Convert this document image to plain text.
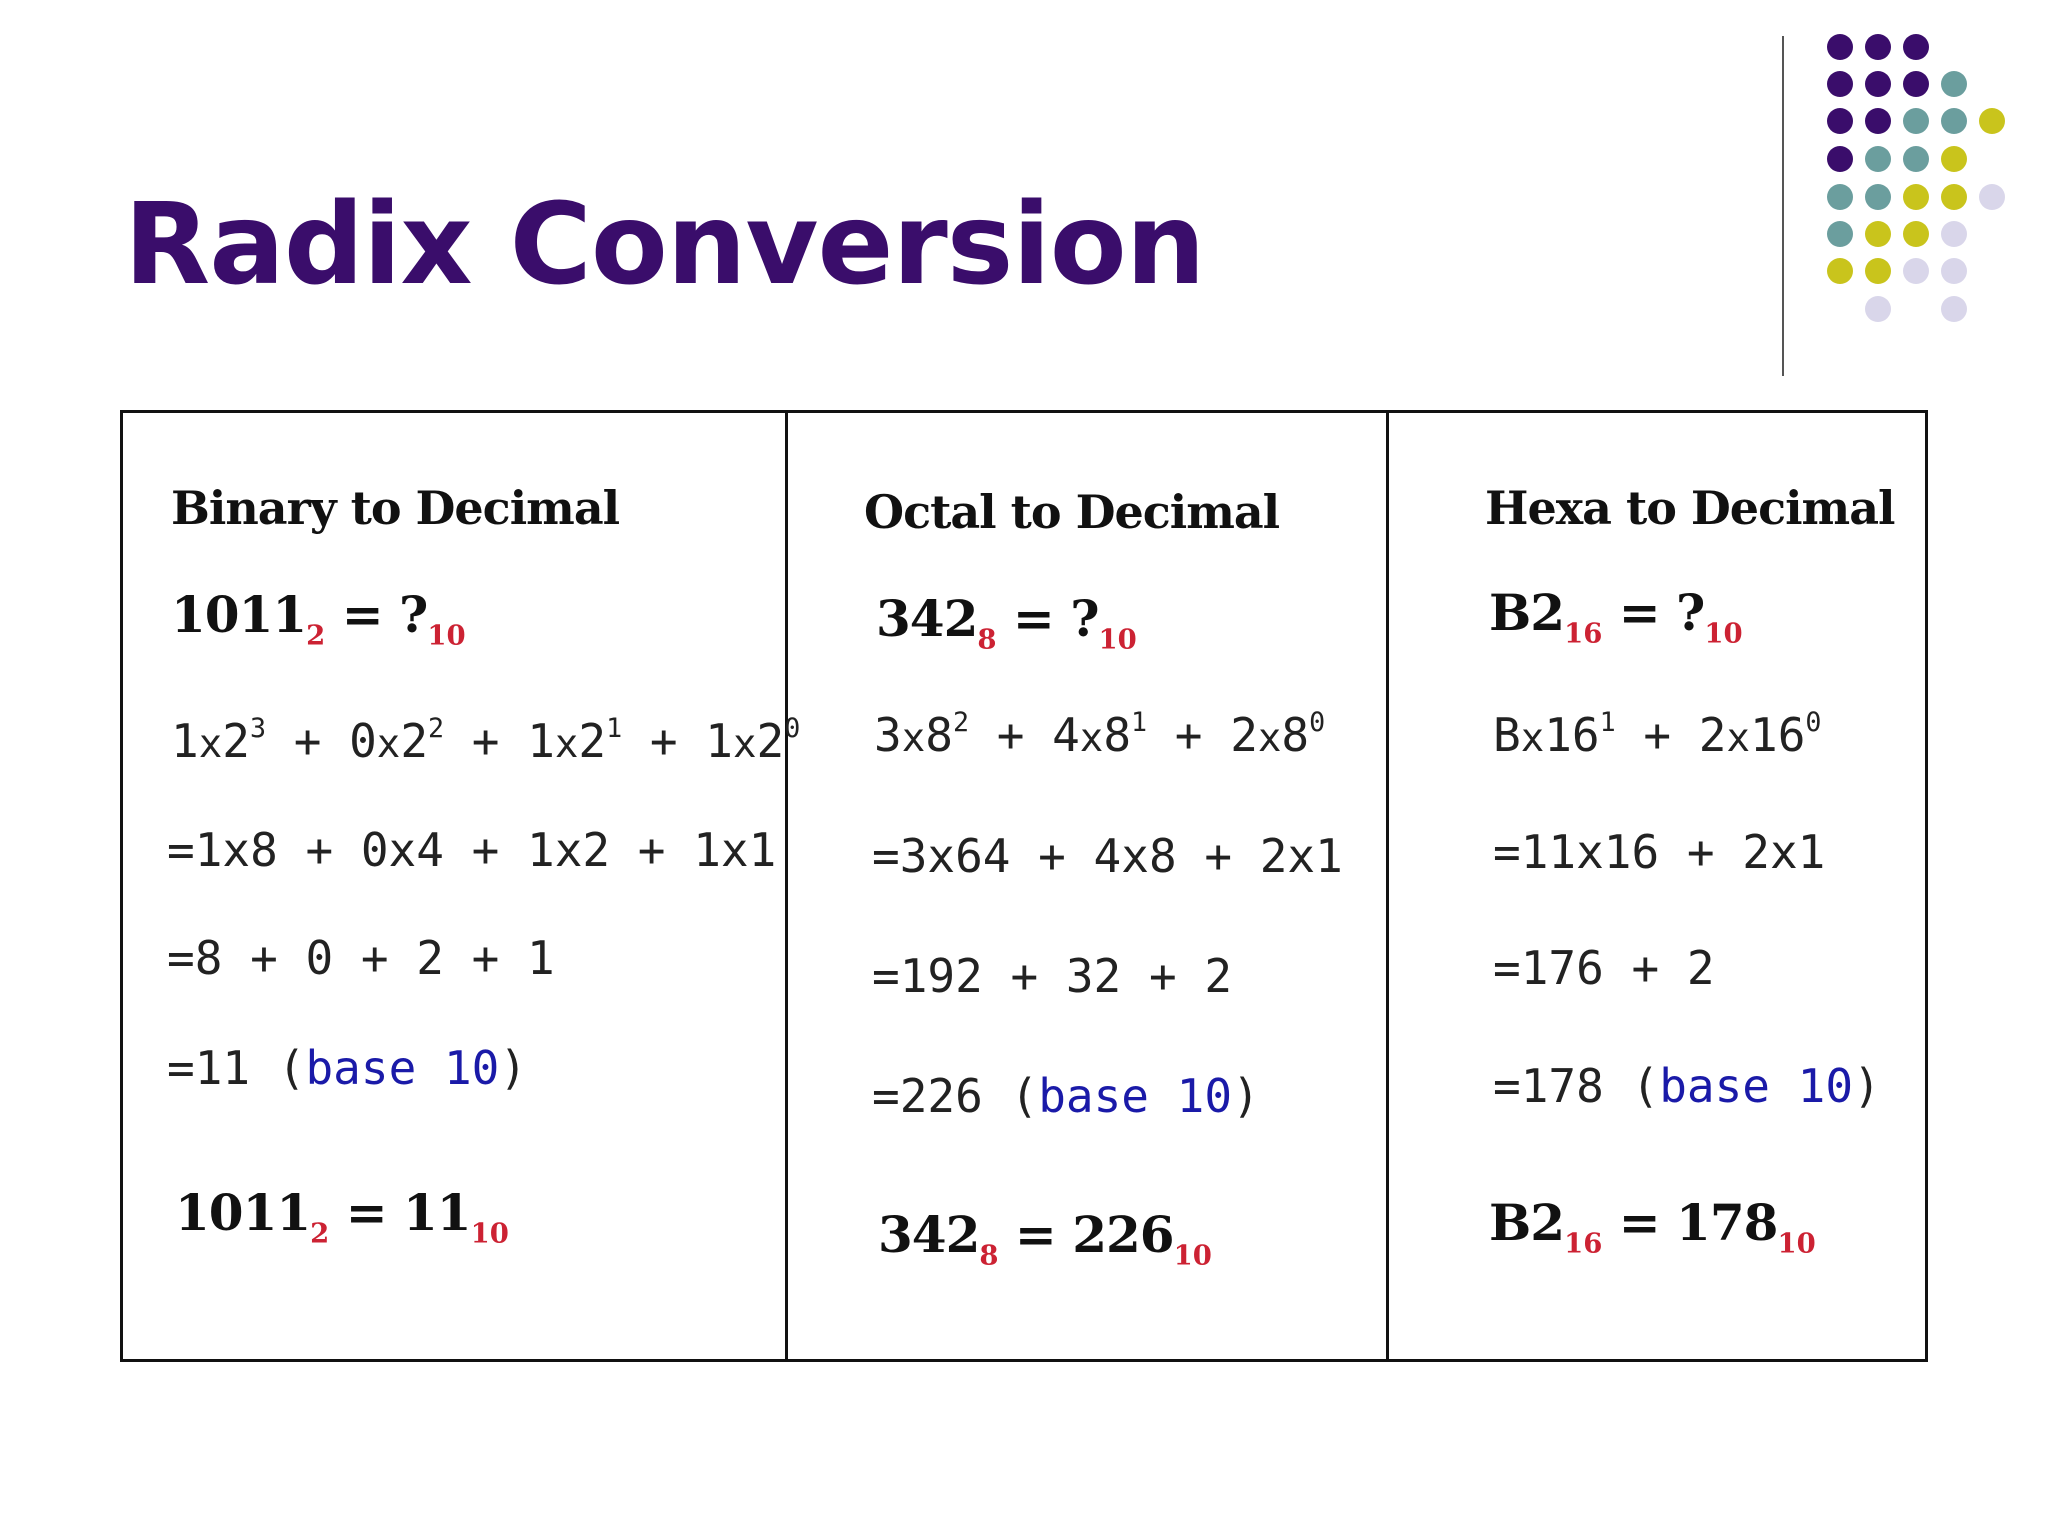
Radix Conversion
Binary to Decimal
$1011_2$ = $?_{10}$
$1x2^3 + 0x2^2 + 1x2^1 + 1x2^0$
=1x8 + 0x4 + 1x2 + 1x1
=8 + 0 + 2 + 1
=11 (base 10)
$1011_2 = 11_{10}$
Octal to Decimal
$342_8$ = $?_{10}$
$3x8^2 + 4x8^1 + 2x8^0$
=3x64 + 4x8 + 2x1
=192 + 32 + 2
=226 (base 10)
$342_8 = 226_{10}$
Hexa to Decimal
$B2_{16}$ = $?_{10}$
$Bx16^1 + 2x16^0$
=11x16 + 2x1
=176 + 2
=178 (base 10)
$B2_{16} = 178_{10}$
